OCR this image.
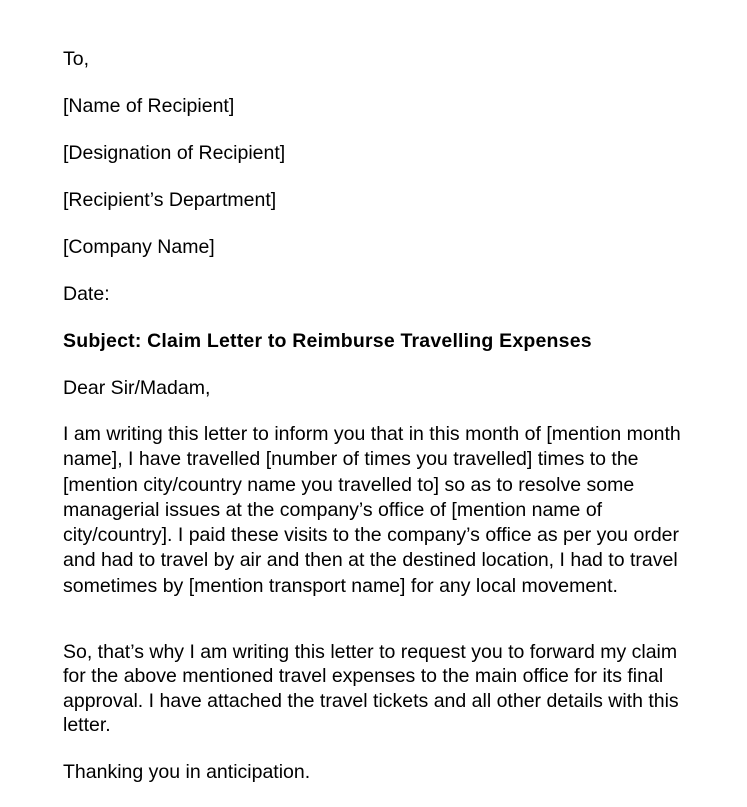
To,
[Name of Recipient]
[Designation of Recipient]
[Recipient’s Department]
[Company Name]
Date:
Subject: Claim Letter to Reimburse Travelling Expenses
Dear Sir/Madam,

I am writing this letter to inform you that in this month of [mention month name], I have travelled [number of times you travelled] times to the [mention city/country name you travelled to] so as to resolve some managerial issues at the company’s office of [mention name of city/country]. I paid these visits to the company’s office as per you order and had to travel by air and then at the destined location, I had to travel sometimes by [mention transport name] for any local movement.

So, that’s why I am writing this letter to request you to forward my claim for the above mentioned travel expenses to the main office for its final approval. I have attached the travel tickets and all other details with this letter.

Thanking you in anticipation.
